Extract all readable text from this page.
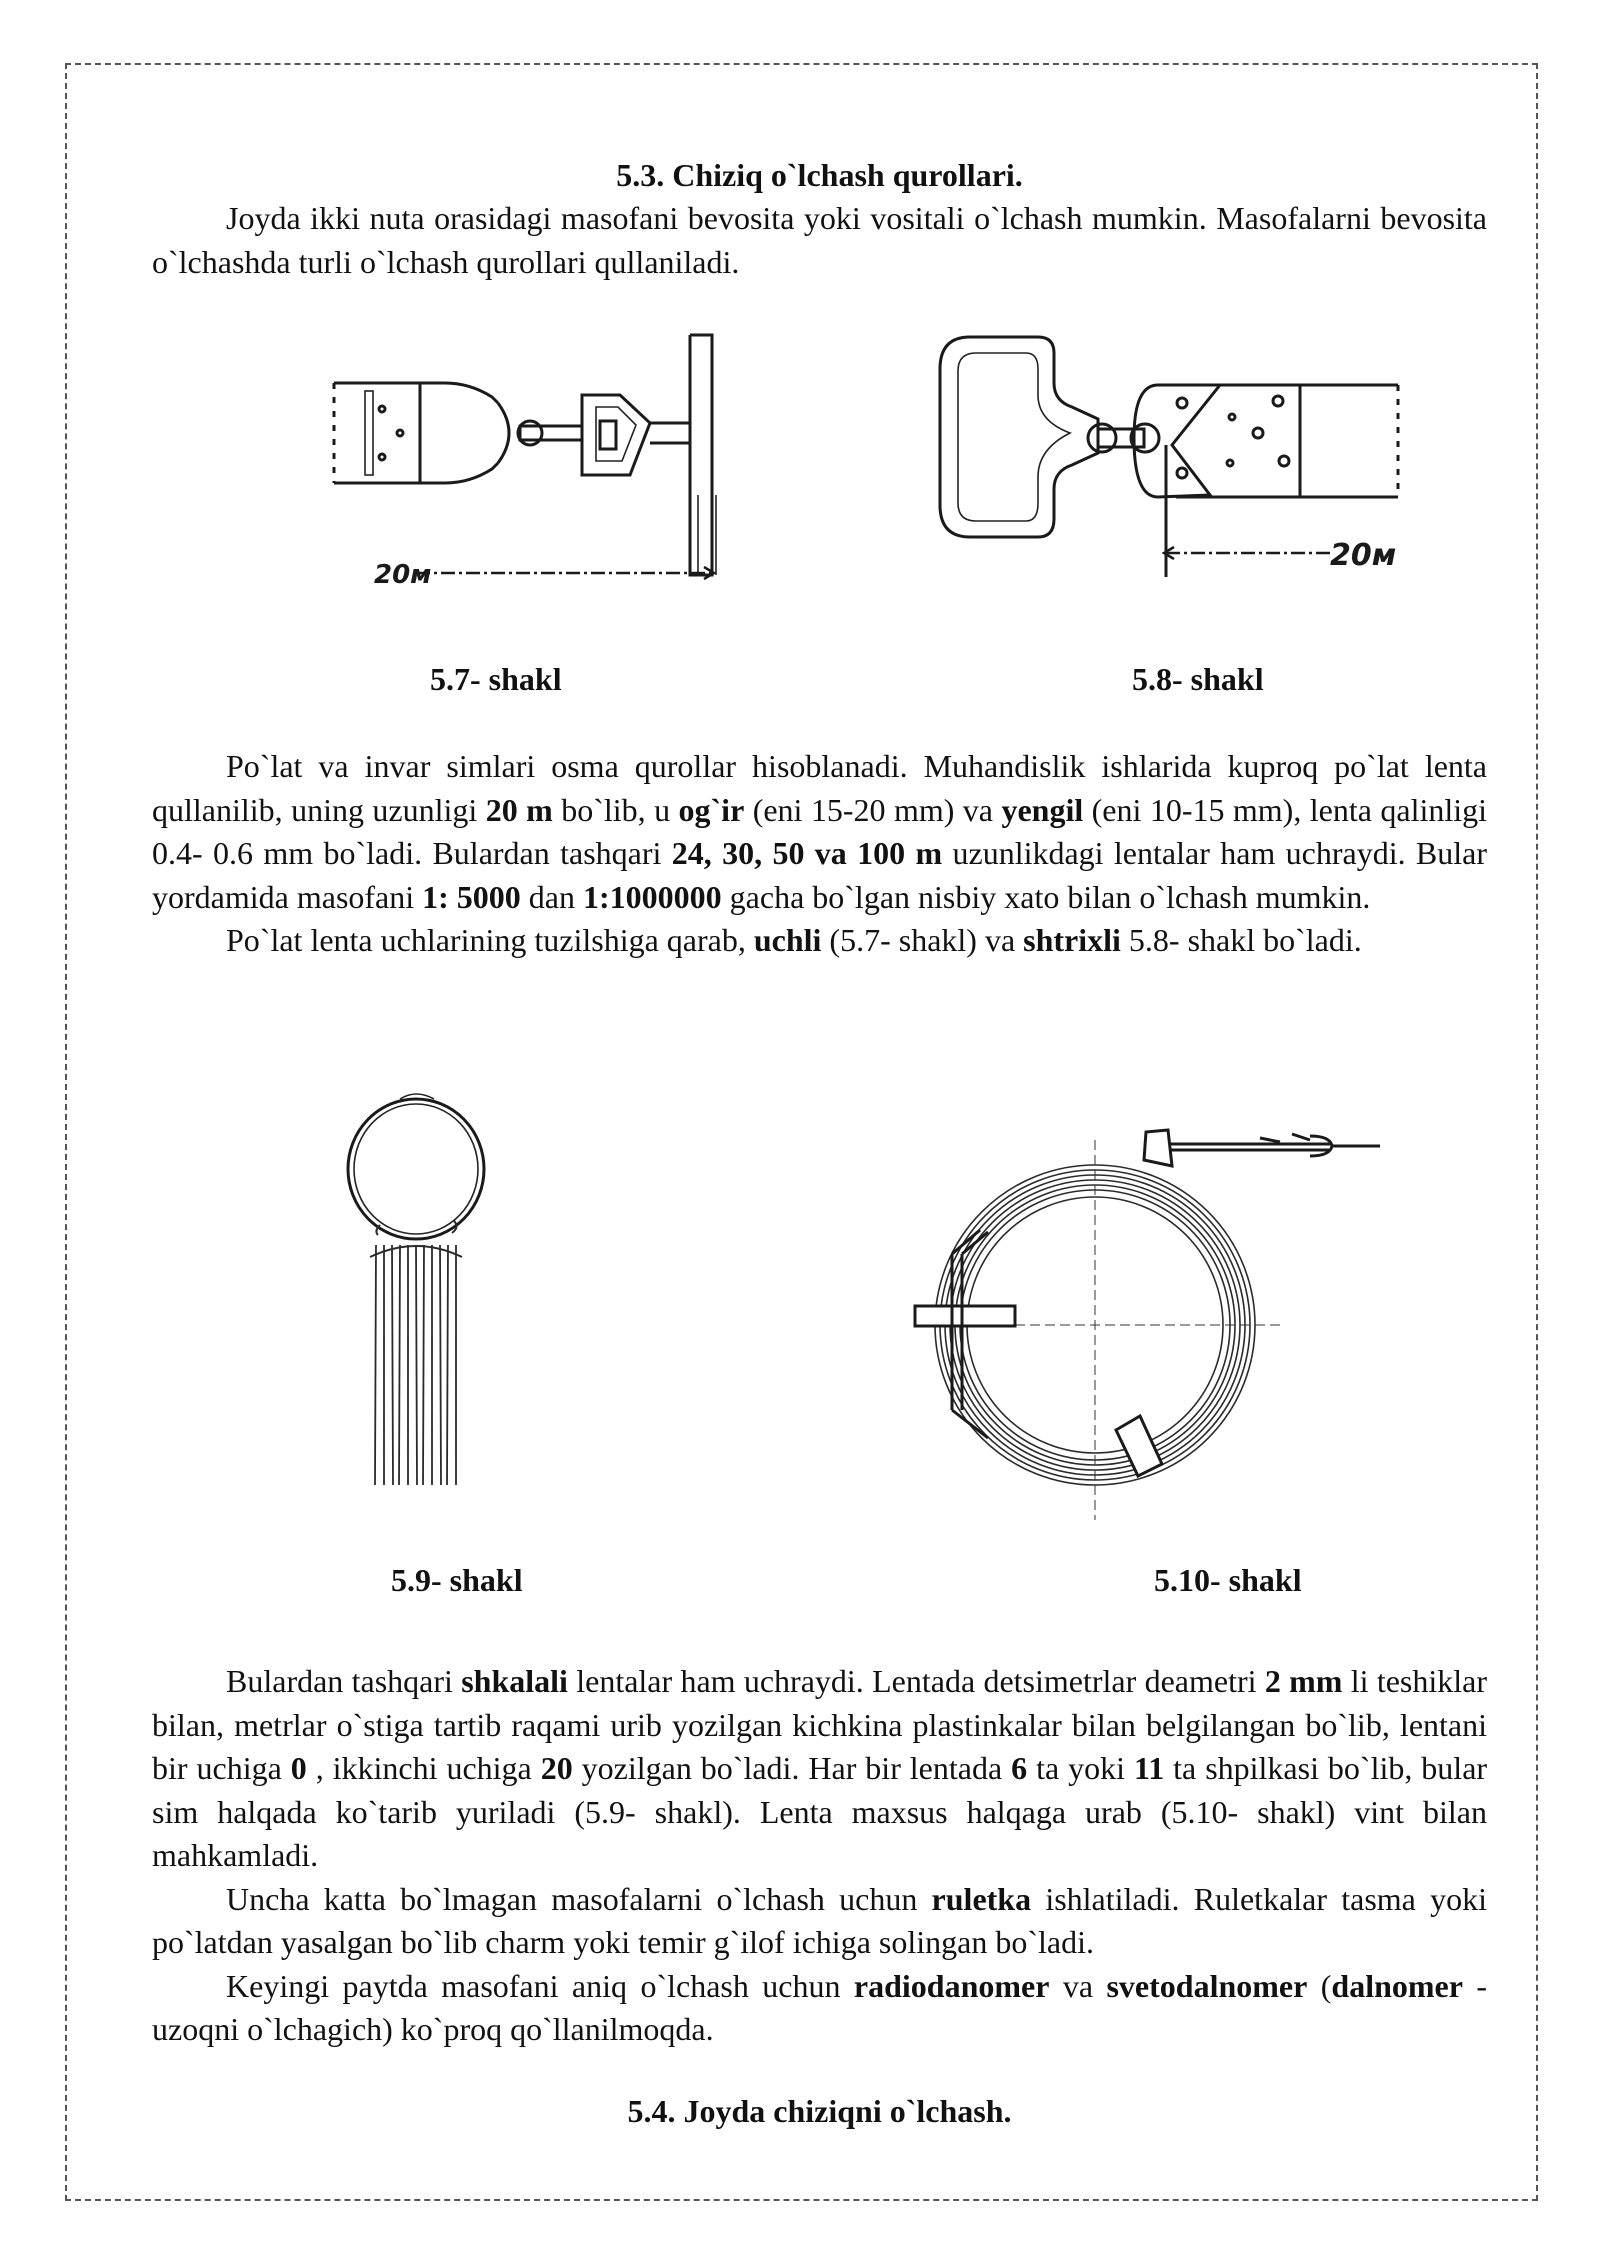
5.3. Chiziq o`lchash qurollari.

Joyda ikki nuta orasidagi masofani bevosita yoki vositali o`lchash mumkin. Masofalarni bevosita o`lchashda turli o`lchash qurollari qullaniladi.

20м
20м
5.7- shakl	5.8- shakl

Po`lat va invar simlari osma qurollar hisoblanadi. Muhandislik ishlarida kuproq po`lat lenta qullanilib, uning uzunligi 20 m bo`lib, u og`ir (eni 15-20 mm) va yengil (eni 10-15 mm), lenta qalinligi 0.4- 0.6 mm bo`ladi. Bulardan tashqari 24, 30, 50 va 100 m uzunlikdagi lentalar ham uchraydi. Bular yordamida masofani 1: 5000 dan 1:1000000 gacha bo`lgan nisbiy xato bilan o`lchash mumkin.

Po`lat lenta uchlarining tuzilshiga qarab, uchli (5.7- shakl) va shtrixli 5.8- shakl bo`ladi.

5.9- shakl	5.10- shakl

Bulardan tashqari shkalali lentalar ham uchraydi. Lentada detsimetrlar deametri 2 mm li teshiklar bilan, metrlar o`stiga tartib raqami urib yozilgan kichkina plastinkalar bilan belgilangan bo`lib, lentani bir uchiga 0 , ikkinchi uchiga 20 yozilgan bo`ladi. Har bir lentada 6 ta yoki 11 ta shpilkasi bo`lib, bular sim halqada ko`tarib yuriladi (5.9- shakl). Lenta maxsus halqaga urab (5.10- shakl) vint bilan mahkamladi.

Uncha katta bo`lmagan masofalarni o`lchash uchun ruletka ishlatiladi. Ruletkalar tasma yoki po`latdan yasalgan bo`lib charm yoki temir g`ilof ichiga solingan bo`ladi.

Keyingi paytda masofani aniq o`lchash uchun radiodanomer va svetodalnomer (dalnomer - uzoqni o`lchagich) ko`proq qo`llanilmoqda.

5.4. Joyda chiziqni o`lchash.
